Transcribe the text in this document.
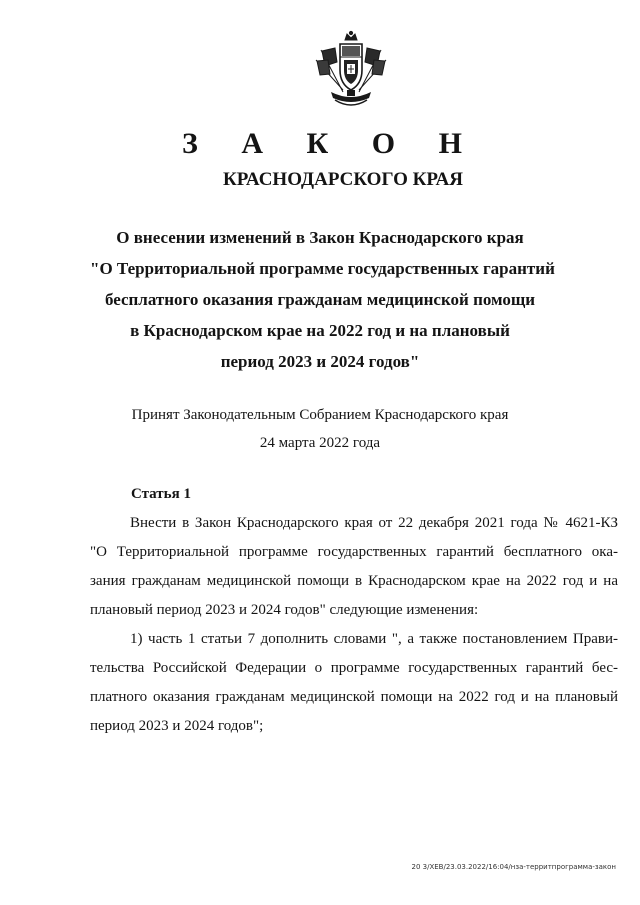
З А К О Н
КРАСНОДАРСКОГО КРАЯ
О внесении изменений в Закон Краснодарского края
"О Территориальной программе государственных гарантий
бесплатного оказания гражданам медицинской помощи
в Краснодарском крае на 2022 год и на плановый
период 2023 и 2024 годов"
Принят Законодательным Собранием Краснодарского края
24 марта 2022 года
Статья 1
Внести в Закон Краснодарского края от 22 декабря 2021 года № 4621-КЗ
"О Территориальной программе государственных гарантий бесплатного ока-
зания гражданам медицинской помощи в Краснодарском крае на 2022 год и на
плановый период 2023 и 2024 годов" следующие изменения:
1) часть 1 статьи 7 дополнить словами ", а также постановлением Прави-
тельства Российской Федерации о программе государственных гарантий бес-
платного оказания гражданам медицинской помощи на 2022 год и на плановый
период 2023 и 2024 годов";
20 3/ХЕВ/23.03.2022/16:04/нза-территпрограмма-закон
